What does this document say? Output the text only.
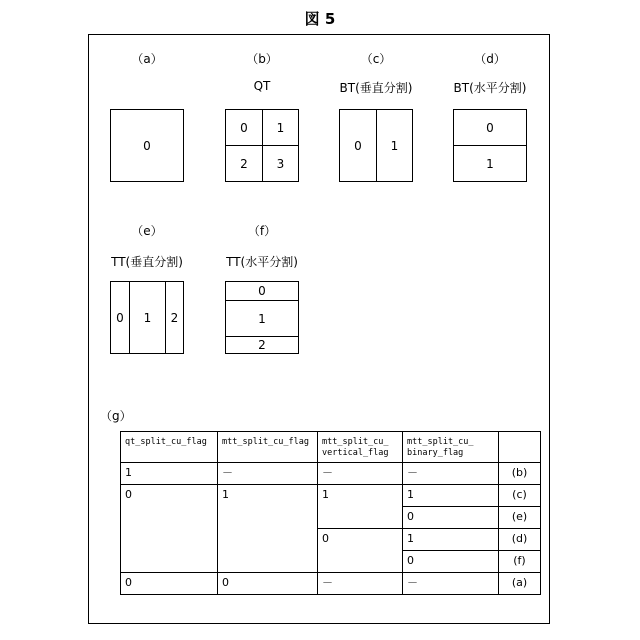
図 5
（a）
0
（b）
QT
0	1
2	3
（c）
BT(垂直分割)
0	1
（d）
BT(水平分割)
0
1
（e）
TT(垂直分割)
0	1	2
（f）
TT(水平分割)
0
1
2
（g）
qt_split_cu_flag	mtt_split_cu_flag	mtt_split_cu_
vertical_flag	mtt_split_cu_
binary_flag	
1	－	－	－	(b)
0	1	1	1	(c)
0	(e)
0	1	(d)
0	(f)
0	0	－	－	(a)
